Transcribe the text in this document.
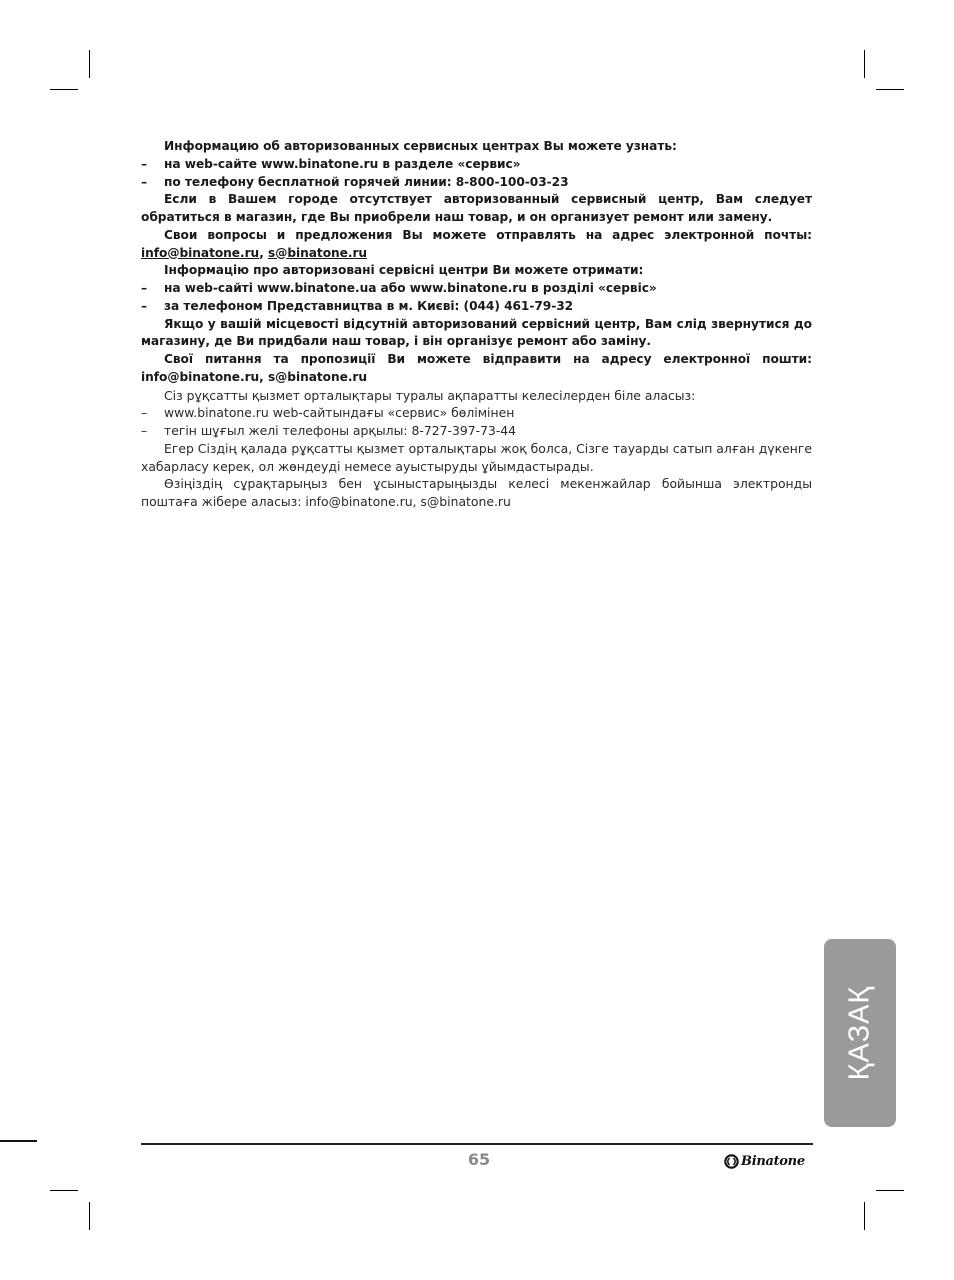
Информацию об авторизованных сервисных центрах Вы можете узнать:

–	на web-сайте www.binatone.ru в разделе «сервис»

–	по телефону бесплатной горячей линии: 8-800-100-03-23

Если в Вашем городе отсутствует авторизованный сервисный центр, Вам следует обратиться в магазин, где Вы приобрели наш товар, и он организует ремонт или замену.

Свои вопросы и предложения Вы можете отправлять на адрес электронной почты: info@binatone.ru, s@binatone.ru

Інформацію про авторизовані сервісні центри Ви можете отримати:

–	на web-сайті www.binatone.ua або www.binatone.ru в розділі «сервіс»

–	за телефоном Представництва в м. Києві: (044) 461-79-32

Якщо у вашій місцевості відсутній авторизований сервісний центр, Вам слід звернутися до магазину, де Ви придбали наш товар, і він організує ремонт або заміну.

Свої питання та пропозиції Ви можете відправити на адресу електронної пошти: info@binatone.ru, s@binatone.ru

Сіз рұқсатты қызмет орталықтары туралы ақпаратты келесілерден біле аласыз:

–	www.binatone.ru web-сайтындағы «сервис» бөлімінен

–	тегін шұғыл желі телефоны арқылы: 8-727-397-73-44

Егер Сіздің қалада рұқсатты қызмет орталықтары жоқ болса, Сізге тауарды сатып алған дүкенге хабарласу керек, ол жөндеуді немесе ауыстыруды ұйымдастырады.

Өзіңіздің сұрақтарыңыз бен ұсыныстарыңызды келесі мекенжайлар бойынша электронды поштаға жібере аласыз: info@binatone.ru, s@binatone.ru

ҚАЗАҚ
65	Binatone
